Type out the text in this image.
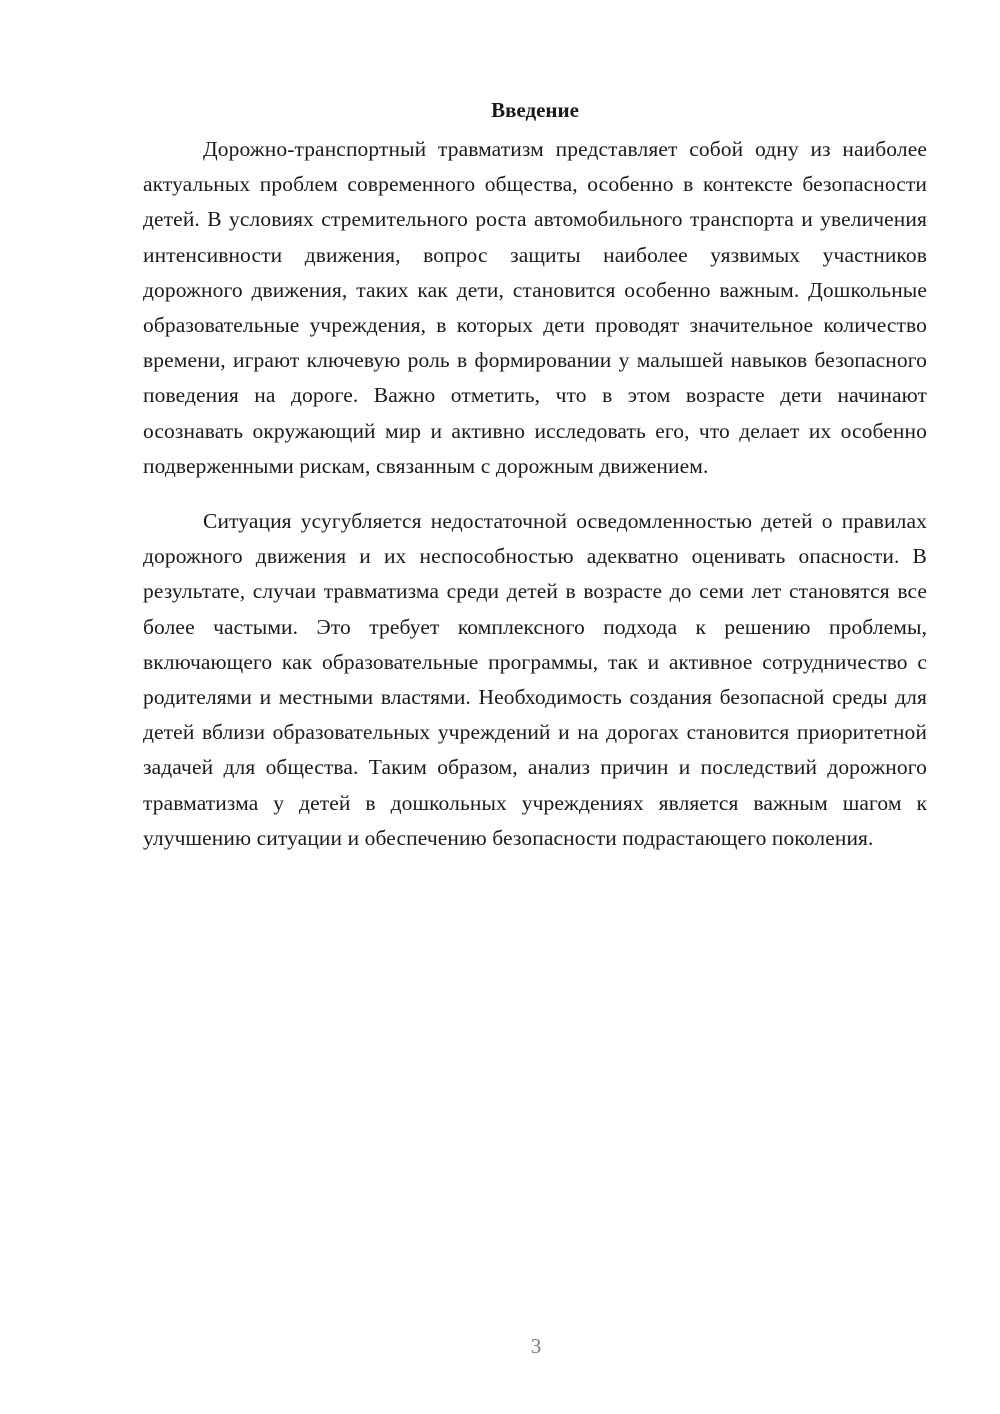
Введение

Дорожно-транспортный травматизм представляет собой одну из наиболее актуальных проблем современного общества, особенно в контексте безопасности детей. В условиях стремительного роста автомобильного транспорта и увеличения интенсивности движения, вопрос защиты наиболее уязвимых участников дорожного движения, таких как дети, становится особенно важным. Дошкольные образовательные учреждения, в которых дети проводят значительное количество времени, играют ключевую роль в формировании у малышей навыков безопасного поведения на дороге. Важно отметить, что в этом возрасте дети начинают осознавать окружающий мир и активно исследовать его, что делает их особенно подверженными рискам, связанным с дорожным движением.

Ситуация усугубляется недостаточной осведомленностью детей о правилах дорожного движения и их неспособностью адекватно оценивать опасности. В результате, случаи травматизма среди детей в возрасте до семи лет становятся все более частыми. Это требует комплексного подхода к решению проблемы, включающего как образовательные программы, так и активное сотрудничество с родителями и местными властями. Необходимость создания безопасной среды для детей вблизи образовательных учреждений и на дорогах становится приоритетной задачей для общества. Таким образом, анализ причин и последствий дорожного травматизма у детей в дошкольных учреждениях является важным шагом к улучшению ситуации и обеспечению безопасности подрастающего поколения.

3
